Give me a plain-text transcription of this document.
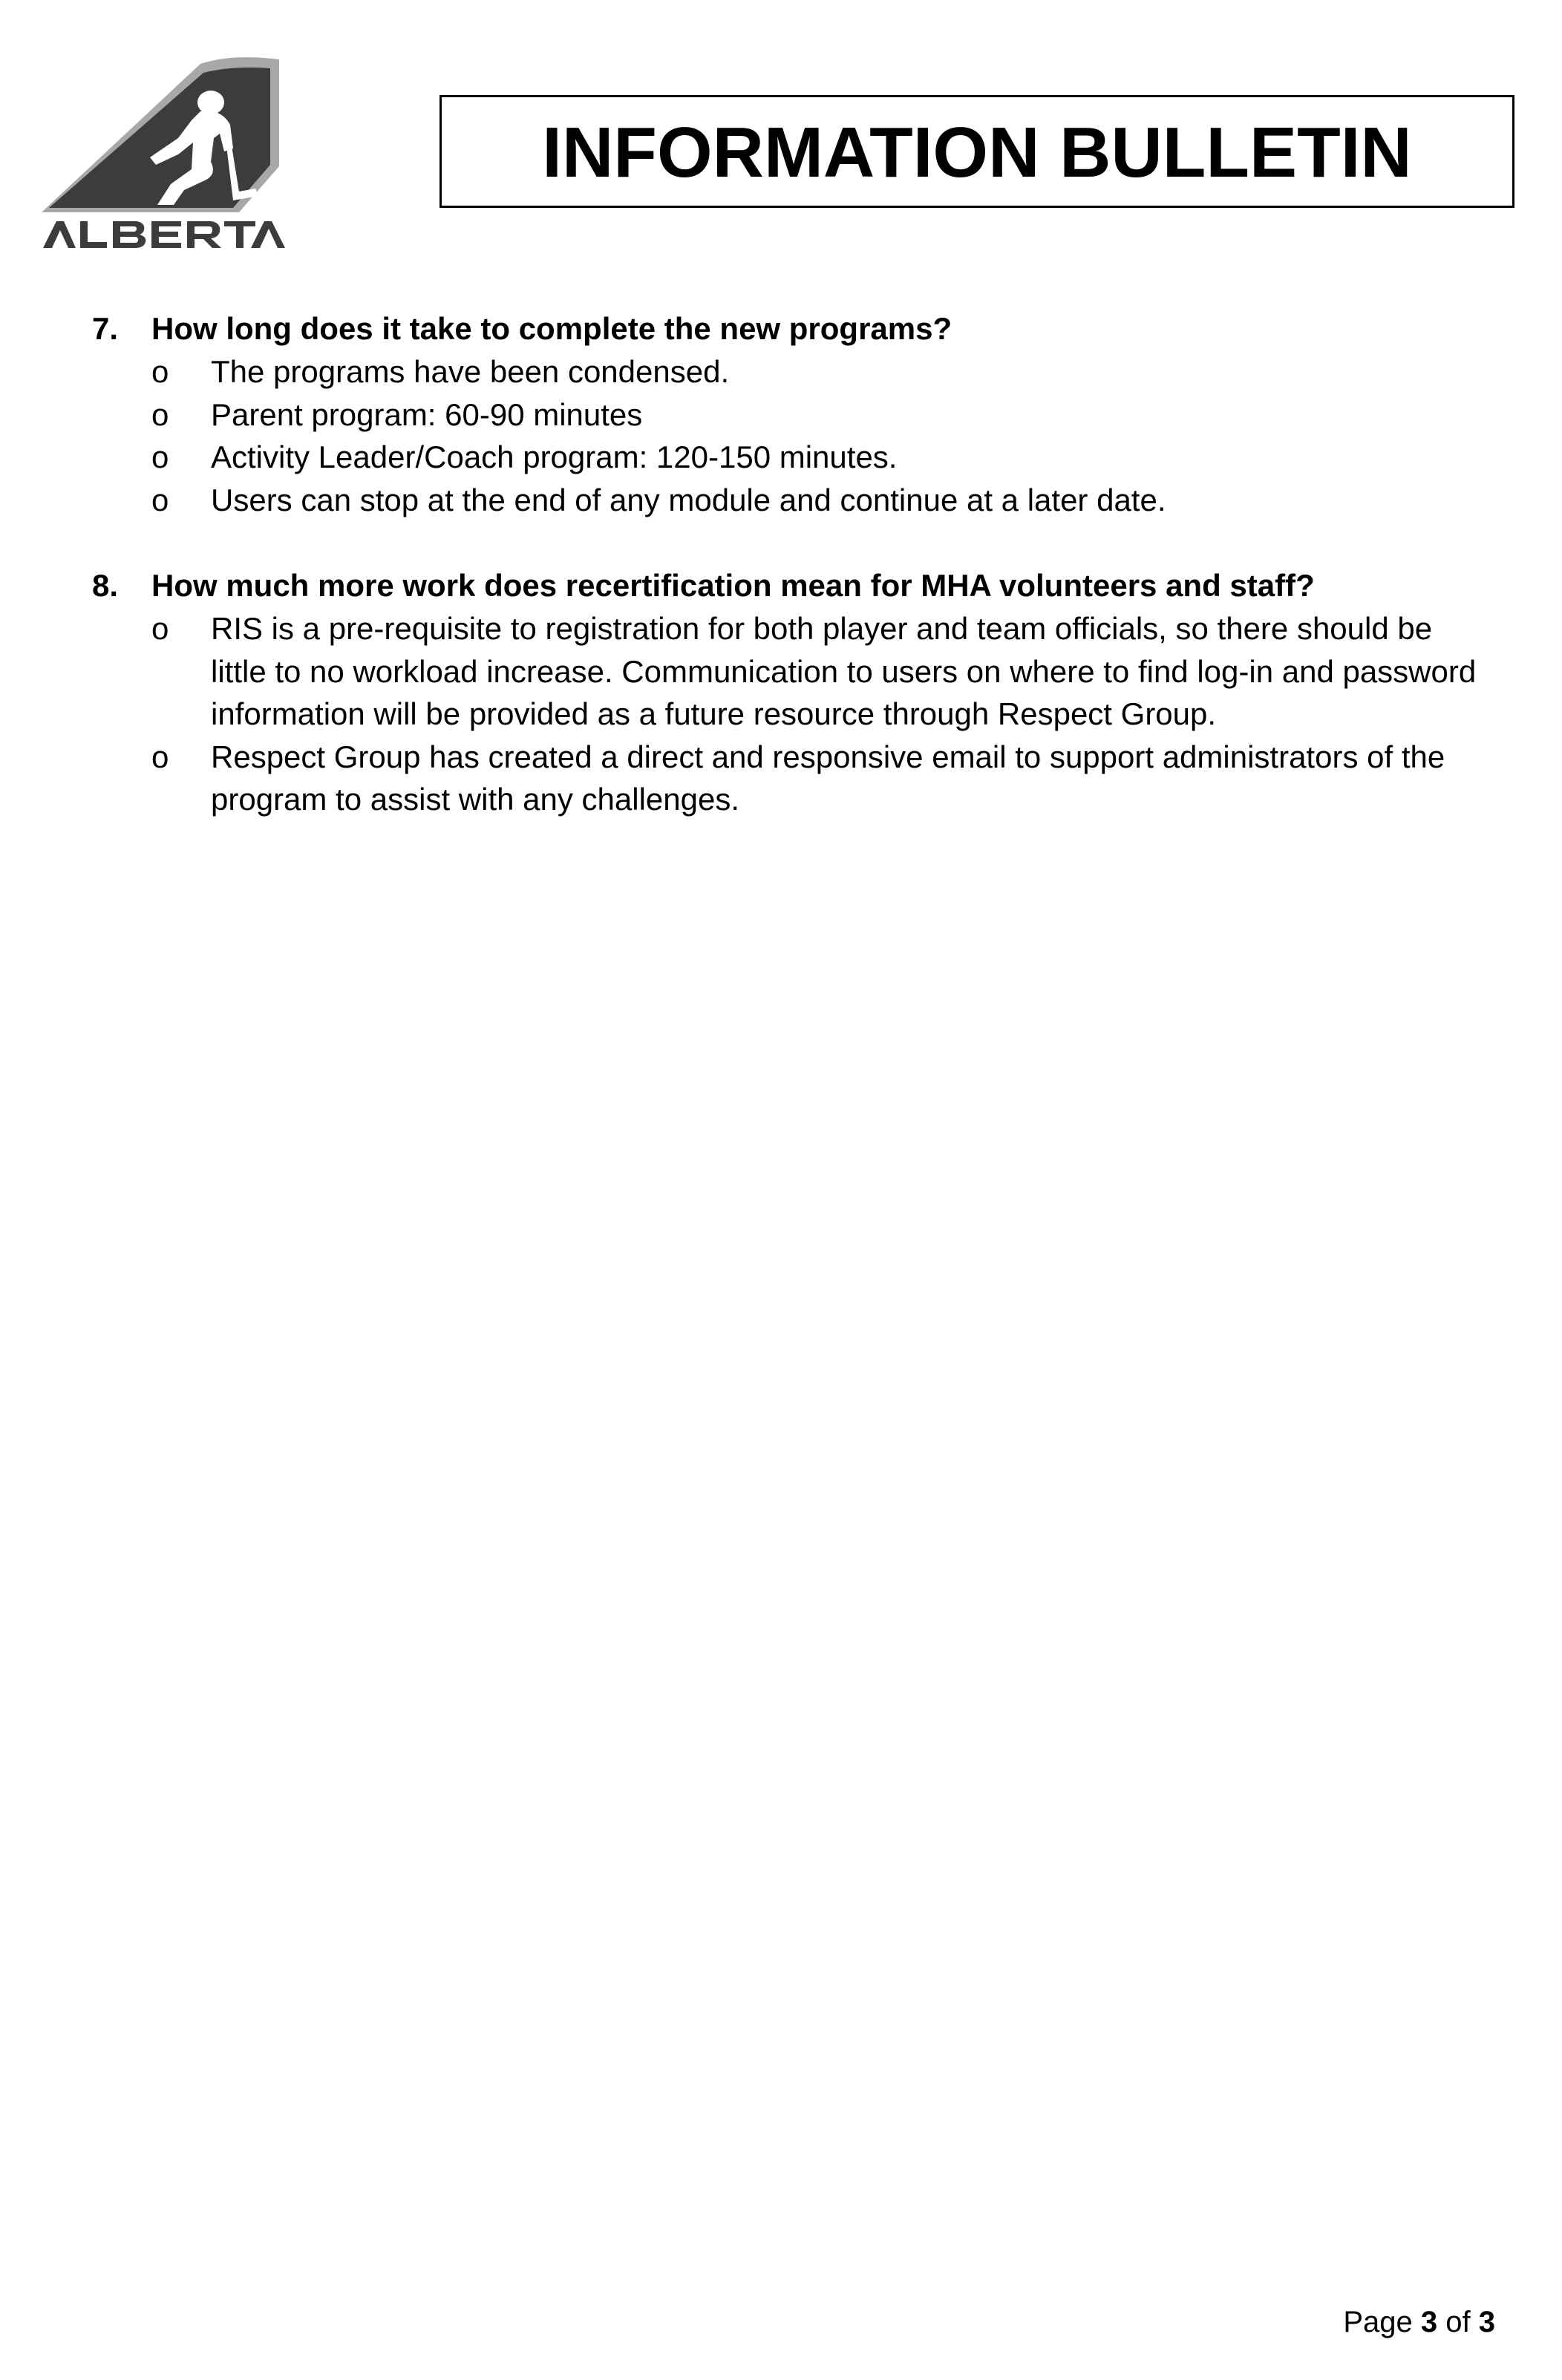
INFORMATION BULLETIN
7.	How long does it take to complete the new programs?
o	The programs have been condensed.
o	Parent program: 60-90 minutes
o	Activity Leader/Coach program: 120-150 minutes.
o	Users can stop at the end of any module and continue at a later date.
8.	How much more work does recertification mean for MHA volunteers and staff?
o	RIS is a pre-requisite to registration for both player and team officials, so there should be little to no workload increase. Communication to users on where to find log-in and password information will be provided as a future resource through Respect Group.
o	Respect Group has created a direct and responsive email to support administrators of the program to assist with any challenges.
Page 3 of 3
